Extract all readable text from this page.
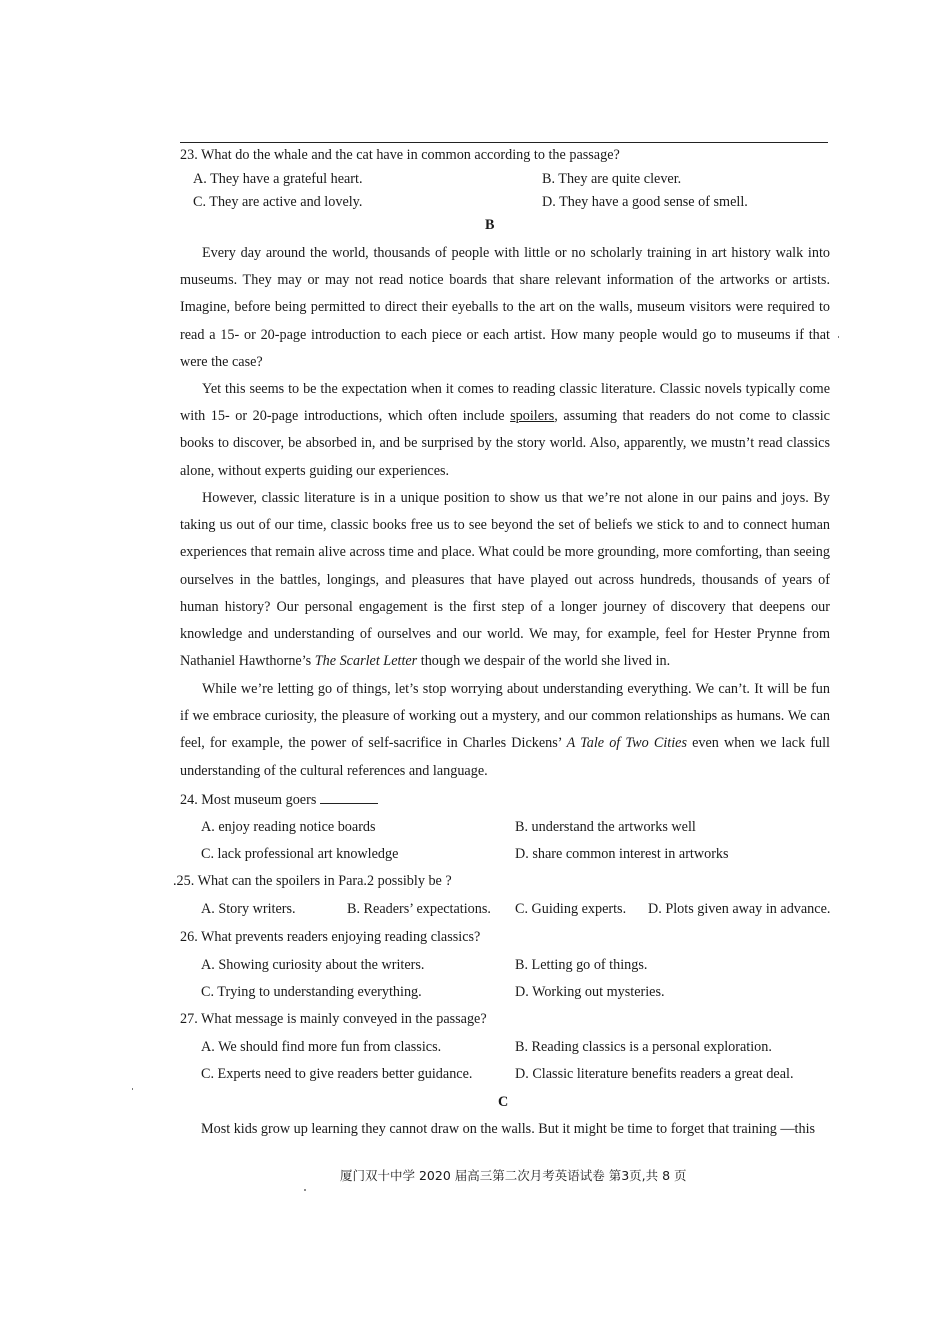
23. What do the whale and the cat have in common according to the passage?
A. They have a grateful heart.	B. They are quite clever.
C. They are active and lovely.	D. They have a good sense of smell.
B
Every day around the world, thousands of people with little or no scholarly training in art history walk into museums. They may or may not read notice boards that share relevant information of the artworks or artists. Imagine, before being permitted to direct their eyeballs to the art on the walls, museum visitors were required to read a 15- or 20-page introduction to each piece or each artist. How many people would go to museums if that were the case?
Yet this seems to be the expectation when it comes to reading classic literature. Classic novels typically come with 15- or 20-page introductions, which often include spoilers, assuming that readers do not come to classic books to discover, be absorbed in, and be surprised by the story world. Also, apparently, we mustn’t read classics alone, without experts guiding our experiences.
However, classic literature is in a unique position to show us that we’re not alone in our pains and joys. By taking us out of our time, classic books free us to see beyond the set of beliefs we stick to and to connect human experiences that remain alive across time and place. What could be more grounding, more comforting, than seeing ourselves in the battles, longings, and pleasures that have played out across hundreds, thousands of years of human history? Our personal engagement is the first step of a longer journey of discovery that deepens our knowledge and understanding of ourselves and our world. We may, for example, feel for Hester Prynne from Nathaniel Hawthorne’s The Scarlet Letter though we despair of the world she lived in.
While we’re letting go of things, let’s stop worrying about understanding everything. We can’t. It will be fun if we embrace curiosity, the pleasure of working out a mystery, and our common relationships as humans. We can feel, for example, the power of self-sacrifice in Charles Dickens’ A Tale of Two Cities even when we lack full understanding of the cultural references and language.
24. Most museum goers
A. enjoy reading notice boards	B. understand the artworks well
C. lack professional art knowledge	D. share common interest in artworks
.25. What can the spoilers in Para.2 possibly be ?
A. Story writers.	B. Readers’ expectations. C. Guiding experts. D. Plots given away in advance.
26. What prevents readers enjoying reading classics?
A. Showing curiosity about the writers.	B. Letting go of things.
C. Trying to understanding everything.	D. Working out mysteries.
27. What message is mainly conveyed in the passage?
A. We should find more fun from classics.	B. Reading classics is a personal exploration.
C. Experts need to give readers better guidance.	D. Classic literature benefits readers a great deal.
C
Most kids grow up learning they cannot draw on the walls. But it might be time to forget that training —this
厦门双十中学 2020 届高三第二次月考英语试卷 第3页,共 8 页
